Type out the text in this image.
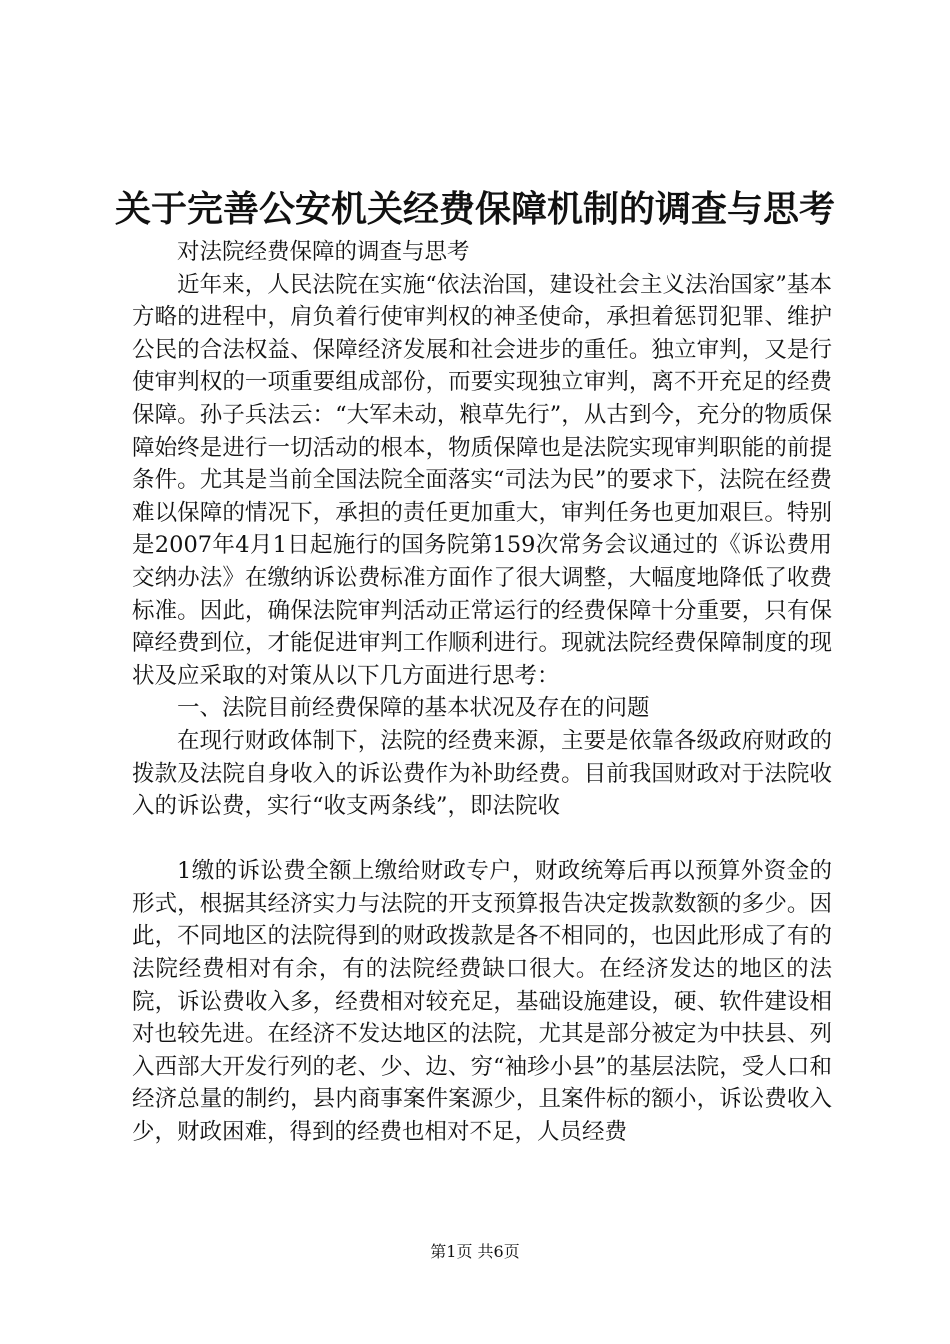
关于完善公安机关经费保障机制的调查与思考

对法院经费保障的调查与思考

近年来，人民法院在实施“依法治国，建设社会主义法治国家”基本方略的进程中，肩负着行使审判权的神圣使命，承担着惩罚犯罪、维护公民的合法权益、保障经济发展和社会进步的重任。独立审判，又是行使审判权的一项重要组成部份，而要实现独立审判，离不开充足的经费保障。孙子兵法云：“大军未动，粮草先行”，从古到今，充分的物质保障始终是进行一切活动的根本，物质保障也是法院实现审判职能的前提条件。尤其是当前全国法院全面落实“司法为民”的要求下，法院在经费难以保障的情况下，承担的责任更加重大，审判任务也更加艰巨。特别是2007年4月1日起施行的国务院第159次常务会议通过的《诉讼费用交纳办法》在缴纳诉讼费标准方面作了很大调整，大幅度地降低了收费标准。因此，确保法院审判活动正常运行的经费保障十分重要，只有保障经费到位，才能促进审判工作顺利进行。现就法院经费保障制度的现状及应采取的对策从以下几方面进行思考：

一、法院目前经费保障的基本状况及存在的问题

在现行财政体制下，法院的经费来源，主要是依靠各级政府财政的拨款及法院自身收入的诉讼费作为补助经费。目前我国财政对于法院收入的诉讼费，实行“收支两条线”，即法院收

1缴的诉讼费全额上缴给财政专户，财政统筹后再以预算外资金的形式，根据其经济实力与法院的开支预算报告决定拨款数额的多少。因此，不同地区的法院得到的财政拨款是各不相同的，也因此形成了有的法院经费相对有余，有的法院经费缺口很大。在经济发达的地区的法院，诉讼费收入多，经费相对较充足，基础设施建设，硬、软件建设相对也较先进。在经济不发达地区的法院，尤其是部分被定为中扶县、列入西部大开发行列的老、少、边、穷“袖珍小县”的基层法院，受人口和经济总量的制约，县内商事案件案源少，且案件标的额小，诉讼费收入少，财政困难，得到的经费也相对不足，人员经费

第1页 共6页
